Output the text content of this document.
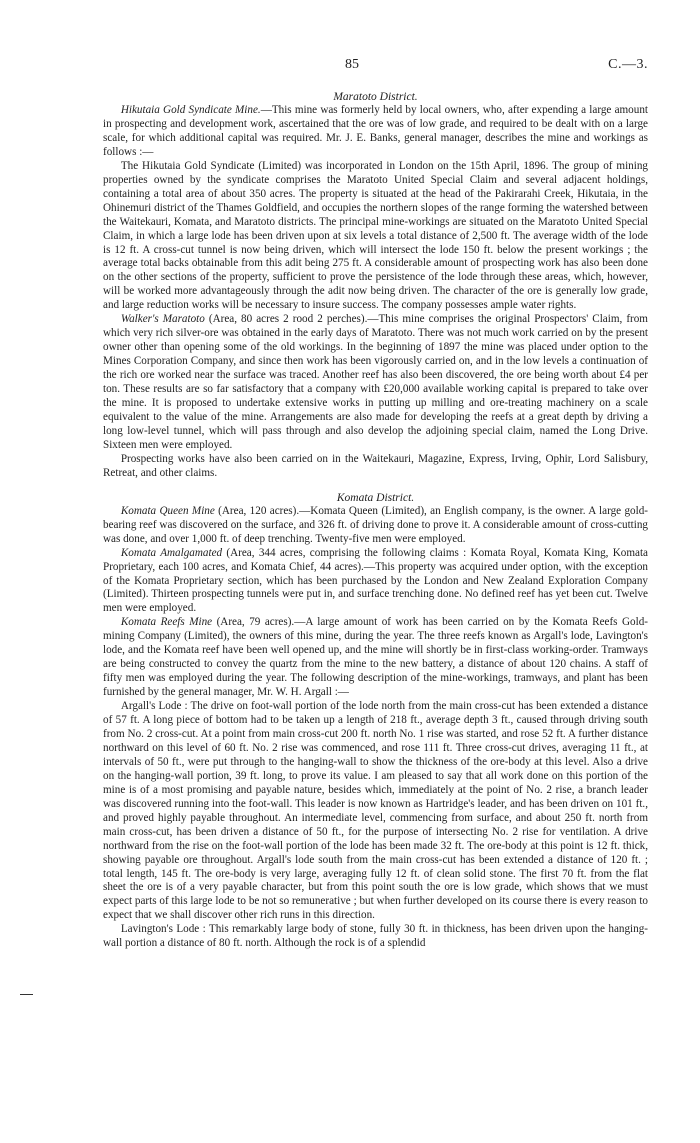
85	C.—3.
Maratoto District.

Hikutaia Gold Syndicate Mine.—This mine was formerly held by local owners, who, after expending a large amount in prospecting and development work, ascertained that the ore was of low grade, and required to be dealt with on a large scale, for which additional capital was required. Mr. J. E. Banks, general manager, describes the mine and workings as follows :—

The Hikutaia Gold Syndicate (Limited) was incorporated in London on the 15th April, 1896. The group of mining properties owned by the syndicate comprises the Maratoto United Special Claim and several adjacent holdings, containing a total area of about 350 acres. The property is situated at the head of the Pakirarahi Creek, Hikutaia, in the Ohinemuri district of the Thames Goldfield, and occupies the northern slopes of the range forming the watershed between the Waitekauri, Komata, and Maratoto districts. The principal mine-workings are situated on the Maratoto United Special Claim, in which a large lode has been driven upon at six levels a total distance of 2,500 ft. The average width of the lode is 12 ft. A cross-cut tunnel is now being driven, which will intersect the lode 150 ft. below the present workings ; the average total backs obtainable from this adit being 275 ft. A considerable amount of prospecting work has also been done on the other sections of the property, sufficient to prove the persistence of the lode through these areas, which, however, will be worked more advantageously through the adit now being driven. The character of the ore is generally low grade, and large reduction works will be necessary to insure success. The company possesses ample water rights.

Walker's Maratoto (Area, 80 acres 2 rood 2 perches).—This mine comprises the original Prospectors' Claim, from which very rich silver-ore was obtained in the early days of Maratoto. There was not much work carried on by the present owner other than opening some of the old workings. In the beginning of 1897 the mine was placed under option to the Mines Corporation Company, and since then work has been vigorously carried on, and in the low levels a continuation of the rich ore worked near the surface was traced. Another reef has also been discovered, the ore being worth about £4 per ton. These results are so far satisfactory that a company with £20,000 available working capital is prepared to take over the mine. It is proposed to undertake extensive works in putting up milling and ore-treating machinery on a scale equivalent to the value of the mine. Arrangements are also made for developing the reefs at a great depth by driving a long low-level tunnel, which will pass through and also develop the adjoining special claim, named the Long Drive. Sixteen men were employed.

Prospecting works have also been carried on in the Waitekauri, Magazine, Express, Irving, Ophir, Lord Salisbury, Retreat, and other claims.

Komata District.

Komata Queen Mine (Area, 120 acres).—Komata Queen (Limited), an English company, is the owner. A large gold-bearing reef was discovered on the surface, and 326 ft. of driving done to prove it. A considerable amount of cross-cutting was done, and over 1,000 ft. of deep trenching. Twenty-five men were employed.

Komata Amalgamated (Area, 344 acres, comprising the following claims : Komata Royal, Komata King, Komata Proprietary, each 100 acres, and Komata Chief, 44 acres).—This property was acquired under option, with the exception of the Komata Proprietary section, which has been purchased by the London and New Zealand Exploration Company (Limited). Thirteen prospecting tunnels were put in, and surface trenching done. No defined reef has yet been cut. Twelve men were employed.

Komata Reefs Mine (Area, 79 acres).—A large amount of work has been carried on by the Komata Reefs Gold-mining Company (Limited), the owners of this mine, during the year. The three reefs known as Argall's lode, Lavington's lode, and the Komata reef have been well opened up, and the mine will shortly be in first-class working-order. Tramways are being constructed to convey the quartz from the mine to the new battery, a distance of about 120 chains. A staff of fifty men was employed during the year. The following description of the mine-workings, tramways, and plant has been furnished by the general manager, Mr. W. H. Argall :—

Argall's Lode : The drive on foot-wall portion of the lode north from the main cross-cut has been extended a distance of 57 ft. A long piece of bottom had to be taken up a length of 218 ft., average depth 3 ft., caused through driving south from No. 2 cross-cut. At a point from main cross-cut 200 ft. north No. 1 rise was started, and rose 52 ft. A further distance northward on this level of 60 ft. No. 2 rise was commenced, and rose 111 ft. Three cross-cut drives, averaging 11 ft., at intervals of 50 ft., were put through to the hanging-wall to show the thickness of the ore-body at this level. Also a drive on the hanging-wall portion, 39 ft. long, to prove its value. I am pleased to say that all work done on this portion of the mine is of a most promising and payable nature, besides which, immediately at the point of No. 2 rise, a branch leader was discovered running into the foot-wall. This leader is now known as Hartridge's leader, and has been driven on 101 ft., and proved highly payable throughout. An intermediate level, commencing from surface, and about 250 ft. north from main cross-cut, has been driven a distance of 50 ft., for the purpose of intersecting No. 2 rise for ventilation. A drive northward from the rise on the foot-wall portion of the lode has been made 32 ft. The ore-body at this point is 12 ft. thick, showing payable ore throughout. Argall's lode south from the main cross-cut has been extended a distance of 120 ft. ; total length, 145 ft. The ore-body is very large, averaging fully 12 ft. of clean solid stone. The first 70 ft. from the flat sheet the ore is of a very payable character, but from this point south the ore is low grade, which shows that we must expect parts of this large lode to be not so remunerative ; but when further developed on its course there is every reason to expect that we shall discover other rich runs in this direction.

Lavington's Lode : This remarkably large body of stone, fully 30 ft. in thickness, has been driven upon the hanging-wall portion a distance of 80 ft. north. Although the rock is of a splendid
